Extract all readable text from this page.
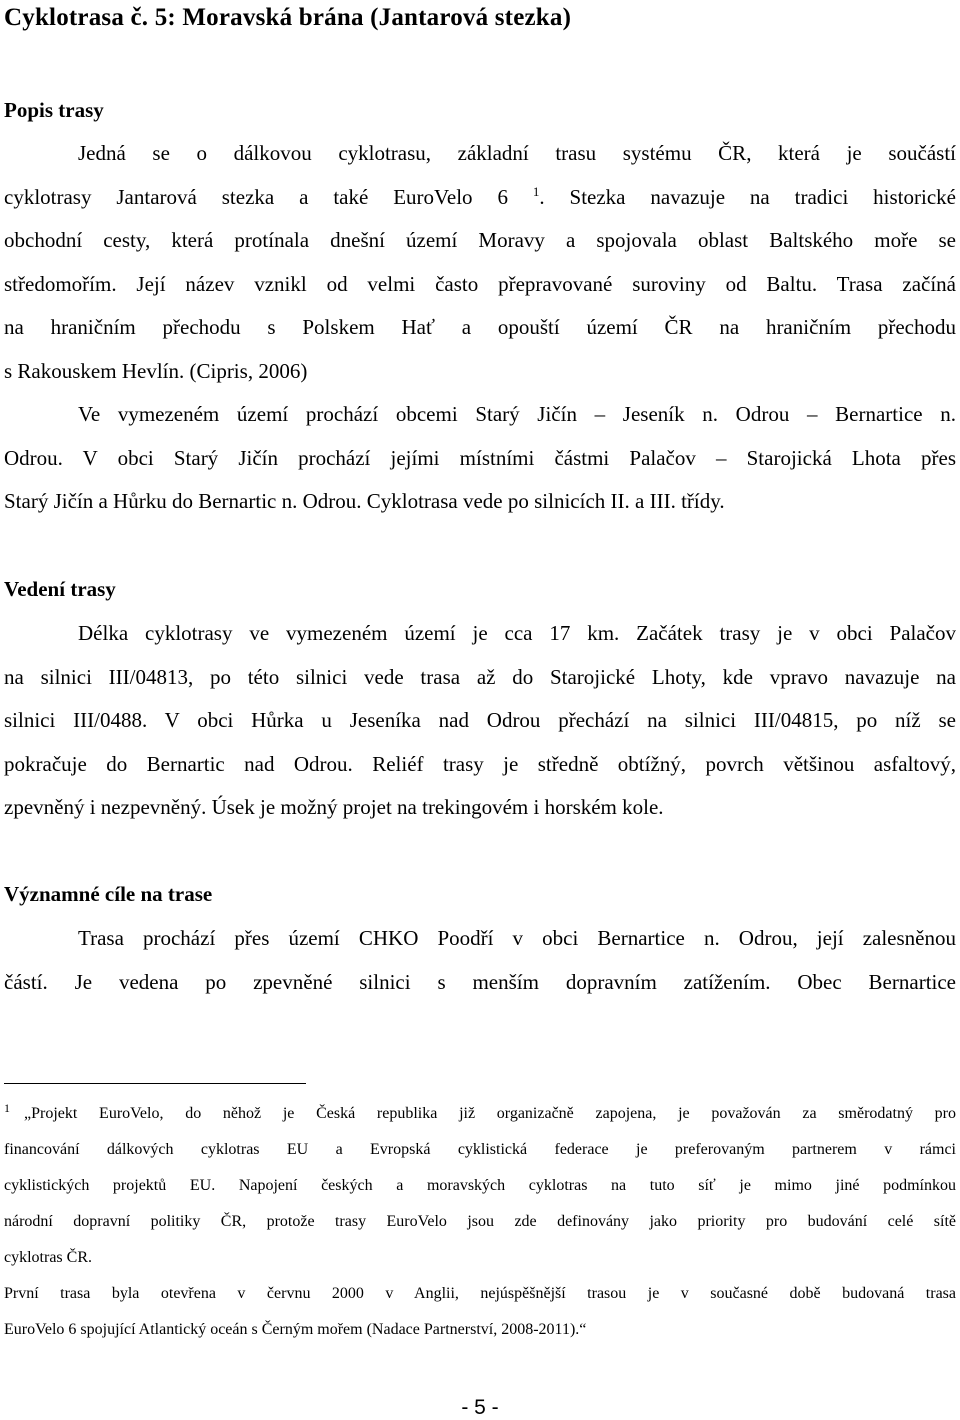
Cyklotrasa č. 5: Moravská brána (Jantarová stezka)
Popis trasy
Jedná se o dálkovou cyklotrasu, základní trasu systému ČR, která je součástí
cyklotrasy Jantarová stezka a také EuroVelo 6 $^1$. Stezka navazuje na tradici historické
obchodní cesty, která protínala dnešní území Moravy a spojovala oblast Baltského moře se
středomořím. Její název vznikl od velmi často přepravované suroviny od Baltu. Trasa začíná
na hraničním přechodu s Polskem Hať a opouští území ČR na hraničním přechodu
s Rakouskem Hevlín. (Cipris, 2006)
Ve vymezeném území prochází obcemi Starý Jičín – Jeseník n. Odrou – Bernartice n.
Odrou. V obci Starý Jičín prochází jejími místními částmi Palačov – Starojická Lhota přes
Starý Jičín a Hůrku do Bernartic n. Odrou. Cyklotrasa vede po silnicích II. a III. třídy.
Vedení trasy
Délka cyklotrasy ve vymezeném území je cca 17 km. Začátek trasy je v obci Palačov
na silnici III/04813, po této silnici vede trasa až do Starojické Lhoty, kde vpravo navazuje na
silnici III/0488. V obci Hůrka u Jeseníka nad Odrou přechází na silnici III/04815, po níž se
pokračuje do Bernartic nad Odrou. Reliéf trasy je středně obtížný, povrch většinou asfaltový,
zpevněný i nezpevněný. Úsek je možný projet na trekingovém i horském kole.
Významné cíle na trase
Trasa prochází přes území CHKO Poodří v obci Bernartice n. Odrou, její zalesněnou
částí. Je vedena po zpevněné silnici s menším dopravním zatížením. Obec Bernartice
$^1$ „Projekt EuroVelo, do něhož je Česká republika již organizačně zapojena, je považován za směrodatný pro
financování dálkových cyklotras EU a Evropská cyklistická federace je preferovaným partnerem v rámci
cyklistických projektů EU. Napojení českých a moravských cyklotras na tuto síť je mimo jiné podmínkou
národní dopravní politiky ČR, protože trasy EuroVelo jsou zde definovány jako priority pro budování celé sítě
cyklotras ČR.
První trasa byla otevřena v červnu 2000 v Anglii, nejúspěšnější trasou je v současné době budovaná trasa
EuroVelo 6 spojující Atlantický oceán s Černým mořem (Nadace Partnerství, 2008-2011).“
- 5 -
